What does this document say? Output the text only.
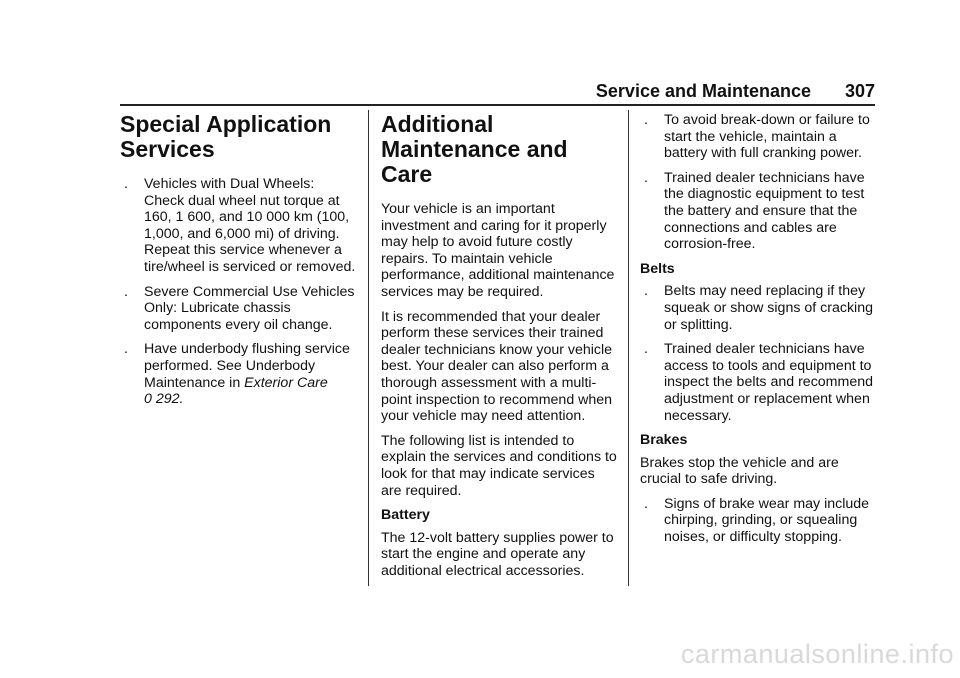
Service and Maintenance 307
Special Application
Services
. Vehicles with Dual Wheels: Check dual wheel nut torque at 160, 1 600, and 10 000 km (100, 1,000, and 6,000 mi) of driving. Repeat this service whenever a tire/wheel is serviced or removed.
. Severe Commercial Use Vehicles Only: Lubricate chassis components every oil change.
. Have underbody flushing service performed. See Underbody Maintenance in Exterior Care
0 292.
Additional
Maintenance and Care

Your vehicle is an important investment and caring for it properly may help to avoid future costly repairs. To maintain vehicle performance, additional maintenance services may be required.

It is recommended that your dealer perform these services their trained dealer technicians know your vehicle best. Your dealer can also perform a thorough assessment with a multi-point inspection to recommend when your vehicle may need attention.

The following list is intended to explain the services and conditions to look for that may indicate services are required.

Battery

The 12-volt battery supplies power to start the engine and operate any additional electrical accessories.

. To avoid break-down or failure to start the vehicle, maintain a battery with full cranking power.
. Trained dealer technicians have the diagnostic equipment to test the battery and ensure that the connections and cables are corrosion-free.
Belts
. Belts may need replacing if they squeak or show signs of cracking or splitting.
. Trained dealer technicians have access to tools and equipment to inspect the belts and recommend adjustment or replacement when necessary.
Brakes

Brakes stop the vehicle and are crucial to safe driving.

. Signs of brake wear may include chirping, grinding, or squealing noises, or difficulty stopping.
carmanualsonline.info
